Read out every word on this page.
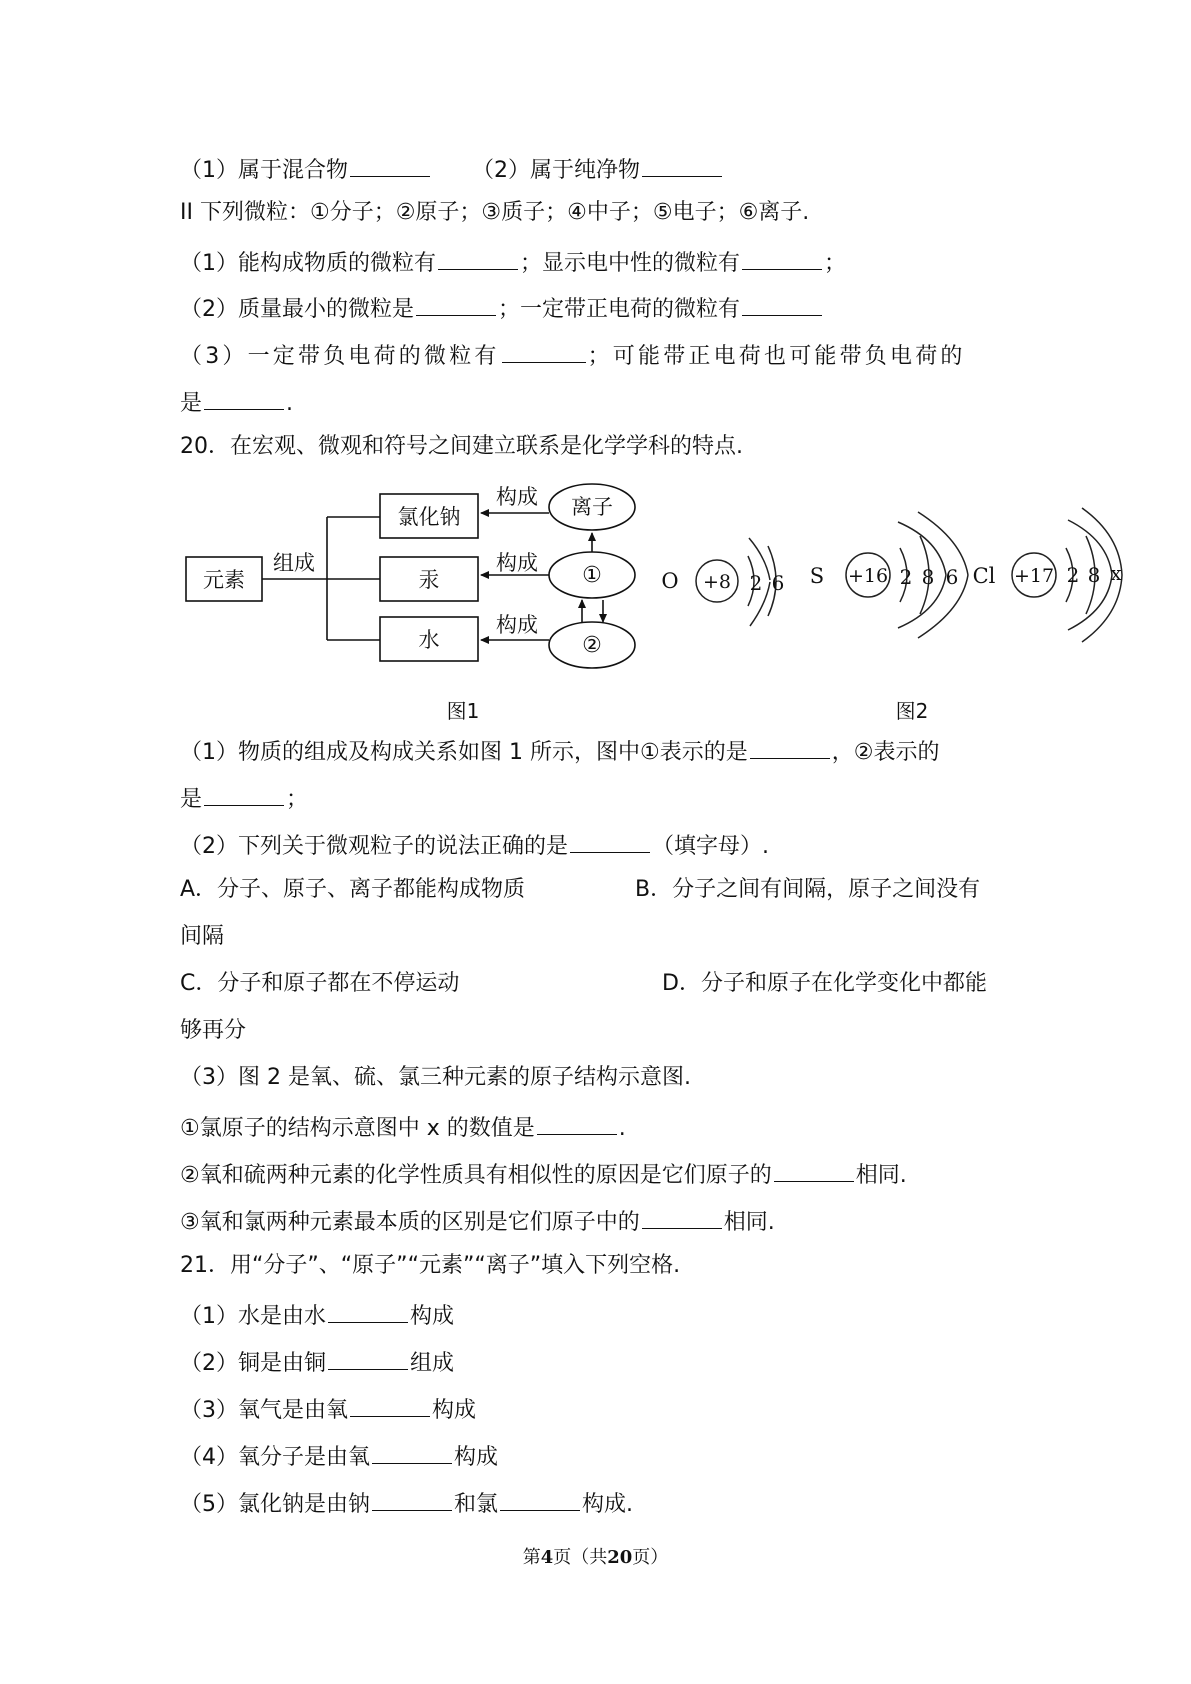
（1）属于混合物	（2）属于纯净物
II 下列微粒：①分子；②原子；③质子；④中子；⑤电子；⑥离子.
（1）能构成物质的微粒有	；显示电中性的微粒有	；
（2）质量最小的微粒是	；一定带正电荷的微粒有
（3）一定带负电荷的微粒有	；可能带正电荷也可能带负电荷的
是	.
20．在宏观、微观和符号之间建立联系是化学学科的特点.
元素
组成
氯化钠
汞
水
构成
构成
构成
离子
①
②
O +8 2 6 S +16 2 8 6 Cl +17 2 8 x
图1	图2
（1）物质的组成及构成关系如图 1 所示，图中①表示的是	，②表示的
是	；
（2）下列关于微观粒子的说法正确的是	（填字母）.
A．分子、原子、离子都能构成物质	B．分子之间有间隔，原子之间没有
间隔
C．分子和原子都在不停运动	D．分子和原子在化学变化中都能
够再分
（3）图 2 是氧、硫、氯三种元素的原子结构示意图.
①氯原子的结构示意图中 x 的数值是	.
②氧和硫两种元素的化学性质具有相似性的原因是它们原子的	相同.
③氧和氯两种元素最本质的区别是它们原子中的	相同.
21．用“分子”、“原子”“元素”“离子”填入下列空格.
（1）水是由水	构成
（2）铜是由铜	组成
（3）氧气是由氧	构成
（4）氧分子是由氧	构成
（5）氯化钠是由钠	和氯	构成.
第4页（共20页）
